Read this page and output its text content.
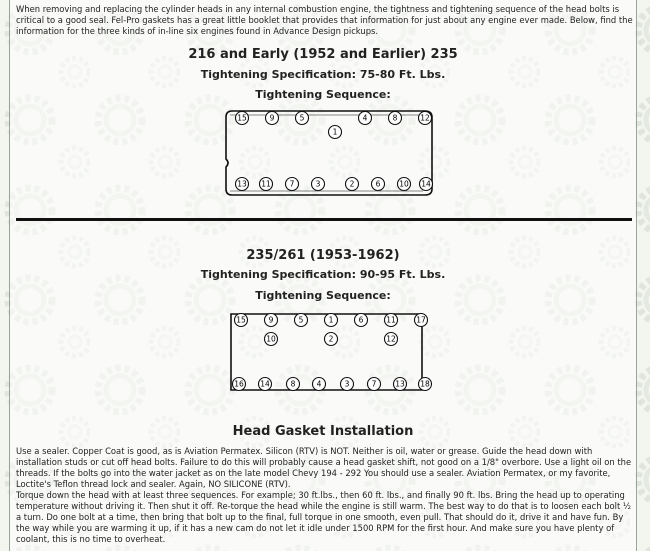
When removing and replacing the cylinder heads in any internal combustion engine, the tightness and tightening sequence of the head bolts is critical to a good seal. Fel-Pro gaskets has a great little booklet that provides that information for just about any engine ever made. Below, find the information for the three kinds of in-line six engines found in Advance Design pickups.

216 and Early (1952 and Earlier) 235
Tightening Specification: 75-80 Ft. Lbs.
Tightening Sequence:
15	9	5	4	8	12
1
13 11	7	3	2	6	10 14
235/261 (1953-1962)
Tightening Specification: 90-95 Ft. Lbs.
Tightening Sequence:
15	9	5	1	6	11	17
10	2	12
16 14	8	4	3	7	13 18
Head Gasket Installation

Use a sealer. Copper Coat is good, as is Aviation Permatex. Silicon (RTV) is NOT. Neither is oil, water or grease. Guide the head down with installation studs or cut off head bolts. Failure to do this will probably cause a head gasket shift, not good on a 1/8" overbore. Use a light oil on the threads. If the bolts go into the water jacket as on the late model Chevy 194 - 292 You should use a sealer. Aviation Permatex, or my favorite, Loctite's Teflon thread lock and sealer. Again, NO SILICONE (RTV).

Torque down the head with at least three sequences. For example; 30 ft.lbs., then 60 ft. lbs., and finally 90 ft. lbs. Bring the head up to operating temperature without driving it. Then shut it off. Re-torque the head while the engine is still warm. The best way to do that is to loosen each bolt ½ a turn. Do one bolt at a time, then bring that bolt up to the final, full torque in one smooth, even pull. That should do it, drive it and have fun. By the way while you are warming it up, if it has a new cam do not let it idle under 1500 RPM for the first hour. And make sure you have plenty of coolant, this is no time to overheat.
